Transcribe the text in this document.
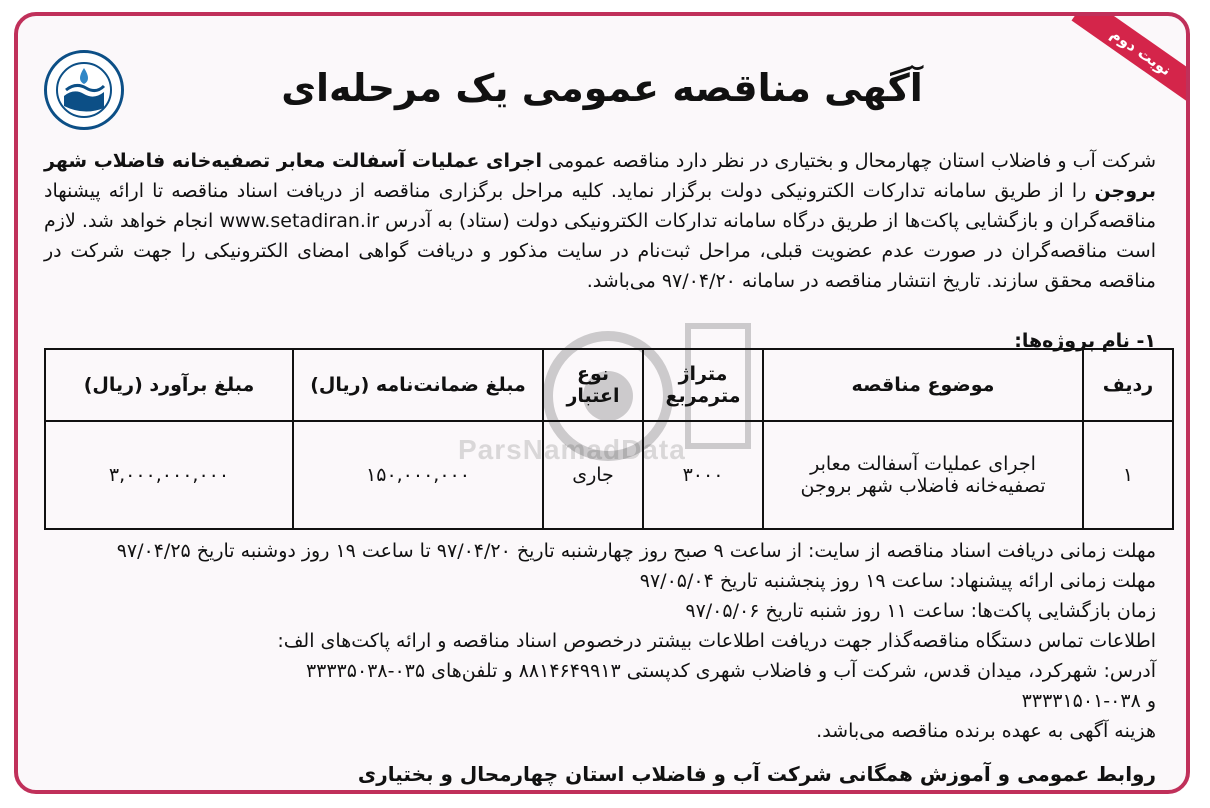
نوبت دوم
آگهی مناقصه عمومی یک مرحله‌ای
ParsNamadData
شرکت آب و فاضلاب استان چهارمحال و بختیاری در نظر دارد مناقصه عمومی اجرای عملیات آسفالت معابر تصفیه‌خانه فاضلاب شهر بروجن را از طریق سامانه تدارکات الکترونیکی دولت برگزار نماید. کلیه مراحل برگزاری مناقصه از دریافت اسناد مناقصه تا ارائه پیشنهاد مناقصه‌گران و بازگشایی پاکت‌ها از طریق درگاه سامانه تدارکات الکترونیکی دولت (ستاد) به آدرس www.setadiran.ir انجام خواهد شد. لازم است مناقصه‌گران در صورت عدم عضویت قبلی، مراحل ثبت‌نام در سایت مذکور و دریافت گواهی امضای الکترونیکی را جهت شرکت در مناقصه محقق سازند. تاریخ انتشار مناقصه در سامانه ۹۷/۰۴/۲۰ می‌باشد.
۱- نام پروژه‌ها:
ردیف	موضوع مناقصه	متراژ مترمربع	نوع اعتبار	مبلغ ضمانت‌نامه (ریال)	مبلغ برآورد (ریال)
۱	اجرای عملیات آسفالت معابر تصفیه‌خانه فاضلاب شهر بروجن	۳۰۰۰	جاری	۱۵۰,۰۰۰,۰۰۰	۳,۰۰۰,۰۰۰,۰۰۰
مهلت زمانی دریافت اسناد مناقصه از سایت: از ساعت ۹ صبح روز چهارشنبه تاریخ ۹۷/۰۴/۲۰ تا ساعت ۱۹ روز دوشنبه تاریخ ۹۷/۰۴/۲۵
مهلت زمانی ارائه پیشنهاد: ساعت ۱۹ روز پنجشنبه تاریخ ۹۷/۰۵/۰۴
زمان بازگشایی پاکت‌ها: ساعت ۱۱ روز شنبه تاریخ ۹۷/۰۵/۰۶
اطلاعات تماس دستگاه مناقصه‌گذار جهت دریافت اطلاعات بیشتر درخصوص اسناد مناقصه و ارائه پاکت‌های الف:
آدرس: شهرکرد، میدان قدس، شرکت آب و فاضلاب شهری کدپستی ۸۸۱۴۶۴۹۹۱۳ و تلفن‌های ۰۳۵-۳۳۳۳۵۰۳۸
و ۰۳۸-۳۳۳۳۱۵۰۱
هزینه آگهی به عهده برنده مناقصه می‌باشد.
روابط عمومی و آموزش همگانی شرکت آب و فاضلاب استان چهارمحال و بختیاری
